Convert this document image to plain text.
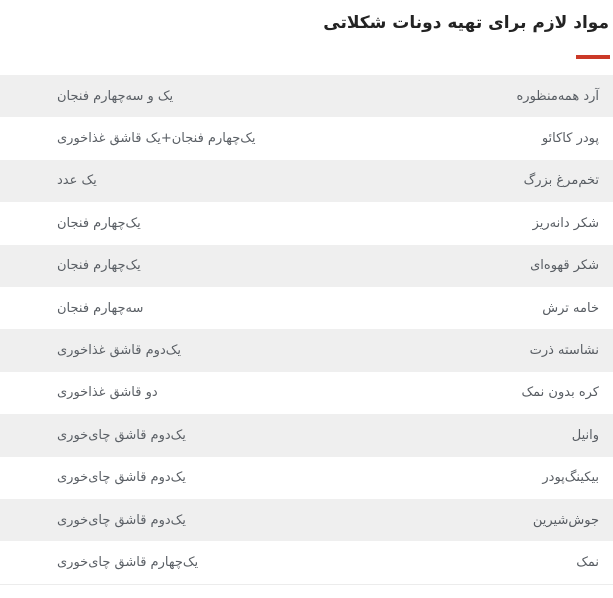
مواد لازم برای تهیه دونات شکلاتی
آرد همه‌منظوره
یک و سه‌چهارم فنجان
پودر کاکائو
یک‌چهارم فنجان+یک قاشق غذاخوری
تخم‌مرغ بزرگ
یک عدد
شکر دانه‌ریز
یک‌چهارم فنجان
شکر قهوه‌ای
یک‌چهارم فنجان
خامه ترش
سه‌چهارم فنجان
نشاسته ذرت
یک‌دوم قاشق غذاخوری
کره بدون نمک
دو قاشق غذاخوری
وانیل
یک‌دوم قاشق چای‌خوری
بیکینگ‌پودر
یک‌دوم قاشق چای‌خوری
جوش‌شیرین
یک‌دوم قاشق چای‌خوری
نمک
یک‌چهارم قاشق چای‌خوری
